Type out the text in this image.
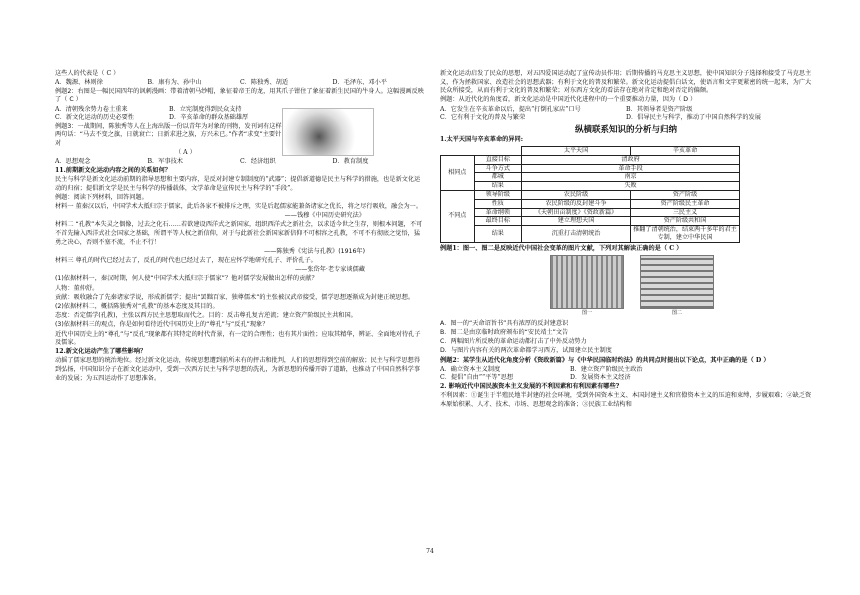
这些人的代表是（ C ）

A．魏源、林则徐	B．康有为、孙中山	C．陈独秀、胡适	D．毛泽东、邓小平

例题2：右图是一幅民国四年的讽刺漫画：带着清朝马纱帽，象征着帝王的龙，用其爪子钳住了象征着新生民国的牛身人。这幅漫画反映了（ C ）

A．清朝残余势力卷土重来	B．立宪制度得到民众支持
C．新文化运动的历史必要性	D．辛亥革命的群众基础雄厚

例题3：一战期间，陈独秀等人在上海出版一份以青年为对象的刊物，发刊词有这样两句话：“马去不变之旗，日就衰亡；日新求进之族，方兴未已。”作者“求变”主要针对

（ A ）

A．思想观念	B．军事技术	C．经济组织	D．教育制度

11.前期新文化运动内容之间的关系如何？

民主与科学是新文化运动前期的指导思想和主要内容，是反对封建专制制度的“武器”；提倡新道德是民主与科学的措施，也是新文化运动的归宿；提倡新文学是民主与科学的传播载体，文学革命是宣传民主与科学的“手段”。

例题：阅读下列材料，回答问题。

材料一 董秦汉以后，中国学术大抵归宗于儒家，此后各家不被排斥之理，实是后起儒家能兼备诸家之优长，将之尽行吸收，融会为一。

——钱穆《中国历史研究法》

材料二 “孔教”本失灵之偶像，过去之化石……若欲建设西洋式之新国家，组织西洋式之新社会，以求适今世之生存，则根本问题，不可不首先输入西洋式社会国家之基础，所谓平等人权之新信仰，对于与此新社会新国家新信仰不可相容之孔教，不可不有彻底之觉悟，猛勇之决心，否则不塞不流，不止不行！

——陈独秀《宪法与孔教》(1916年)

材料三 尊孔的时代已经过去了，反孔的时代也已经过去了，现在应怀学地研究孔子、评价孔子。

——张岱年·老专家谈儒藏

(1)依据材料一，秦汉时期，何人使“中国学术大抵归宗于儒家”？他对儒学发展做出怎样的贡献？

人物：董仲舒。

贡献：吸收融合了先秦诸家学说，形成新儒学；提出“罢黜百家、独尊儒术”的主张被汉武帝接受，儒学思想逐渐成为封建正统思想。

(2)依据材料二，概括陈独秀对“孔教”的基本态度及其目的。

态度：否定儒学(孔教)，主张以西方民主思想取而代之。目的：反击尊孔复古逆流；建立资产阶级民主共和国。

(3)依据材料三的观点，你是如何看待近代中国历史上的“尊孔”与“反孔”现象？

近代中国历史上的“尊孔”与“反孔”现象都有其特定的时代背景，有一定的合理性；也有其片面性；应取其精华，辨证、全面地对待孔子及儒家。

12.新文化运动产生了哪些影响？

动摇了儒家思想的统治地位。经过新文化运动，传统思想遭到前所未有的抨击和批判，人们的思想得到空前的解放；民主与科学思想得到弘扬，中国知识分子在新文化运动中，受到一次西方民主与科学思想的洗礼，为新思想的传播开辟了道路，也推动了中国自然科学事业的发展；为五四运动作了思想准备。

新文化运动启发了民众的思想，对五四爱国运动起了宣传动员作用；后期传播的马克思主义思想，使中国知识分子选择和接受了马克思主义，作为拯救国家、改造社会的思想武器；有利于文化的普及和繁荣。新文化运动提倡白话文，使语言和文字更紧密的统一起来，为广大民众所接受，从而有利于文化的普及和繁荣；对东西方文化的看法存在绝对肯定和绝对否定的偏颇。

例题：从近代化的角度看，新文化运动是中国近代化进程中的一个重要推动力量，因为（ D ）

A．它发生在辛亥革命以后，提出“打倒孔家店”口号	B．其领导者是资产阶级
C．它有利于文化的普及与繁荣	D．倡导民主与科学，推动了中国自然科学的发展
纵横联系知识的分析与归纳

1.太平天国与辛亥革命的异同:

		太平天国	辛亥革命
相同点	直接目标	清政府	
	斗争方式	革命手段	
	都城	南京	
	结果	失败	
不同点	领导阶级	农民阶级	资产阶级
	性质	农民阶级的反封建斗争	资产阶级民主革命
	革命纲领	《天朝田亩制度》《资政新篇》	三民主义
	最终目标	建立理想天国	资产阶级共和国
	结果	沉重打击清朝统治	推翻了清朝统治，结束两千多年的君主专制，建立中华民国

例题1：图一、图二是反映近代中国社会变革的图片文献，下列对其解读正确的是（ C ）

图一	图二

A．图一的“天命诏旨书”具有浓厚的反封建意识

B．图二是由京临时政府颁布的“安民靖土”文告

C．两幅图片所反映的革命运动都打击了中外反动势力

D．与图片内容有关的两次革命都学习西方，试图建立民主制度

例题2：某学生从近代化角度分析《资政新篇》与《中华民国临时约法》的共同点时提出以下论点，其中正确的是（ D ）

A．确立资本主义制度	B．建立资产阶级民主政治
C．提倡“自由”“平等”思想	D．发展资本主义经济

2. 影响近代中国民族资本主义发展的不利因素和有利因素有哪些?

不利因素：①诞生于半殖民地半封建的社会环境，受到外国资本主义、本国封建主义和官僚资本主义的压迫和束缚，步履艰难；②缺乏资本原始积累、人才、技术、市场、思想观念的准备；③民族工业结构和

74
